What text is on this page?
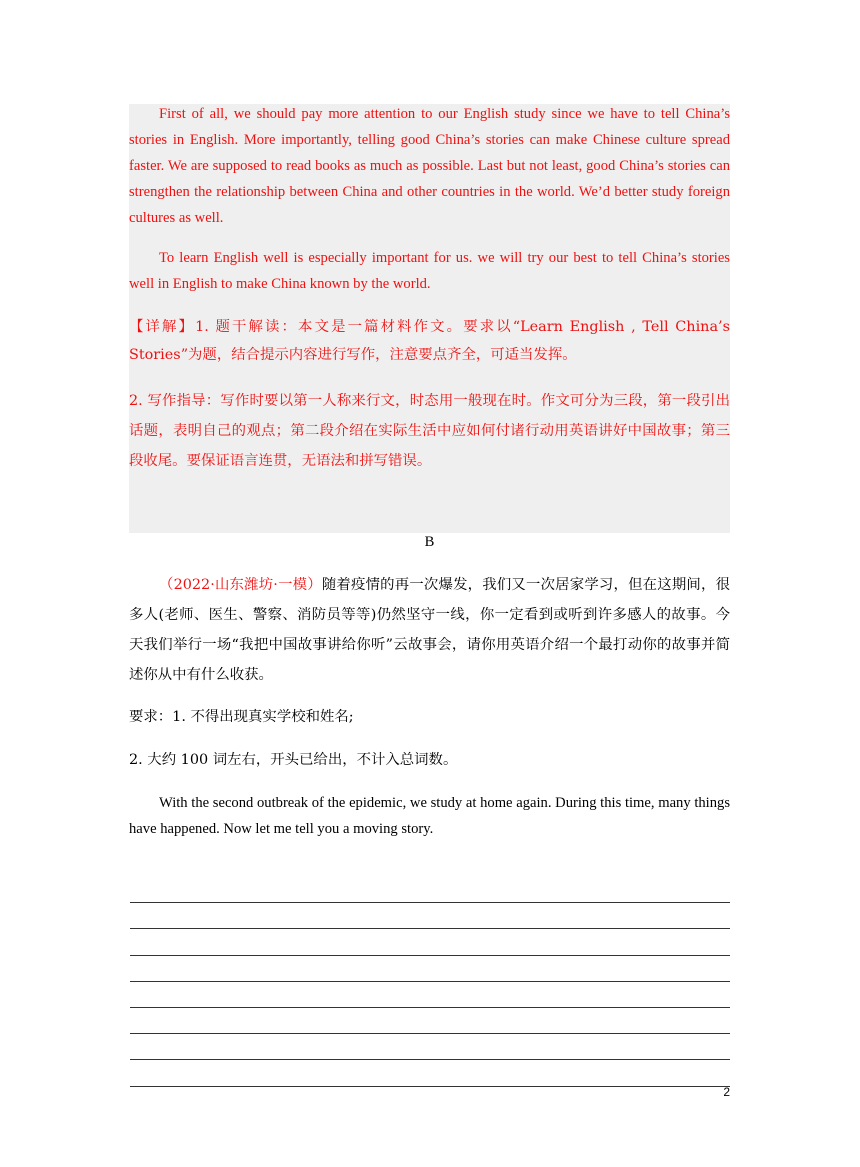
First of all, we should pay more attention to our English study since we have to tell China’s stories in English. More importantly, telling good China’s stories can make Chinese culture spread faster. We are supposed to read books as much as possible. Last but not least, good China’s stories can strengthen the relationship between China and other countries in the world. We’d better study foreign cultures as well.
To learn English well is especially important for us. we will try our best to tell China’s stories well in English to make China known by the world.
【详解】1. 题干解读：本文是一篇材料作文。要求以“Learn English , Tell China’s Stories”为题，结合提示内容进行写作，注意要点齐全，可适当发挥。
2. 写作指导：写作时要以第一人称来行文，时态用一般现在时。作文可分为三段，第一段引出话题，表明自己的观点；第二段介绍在实际生活中应如何付诸行动用英语讲好中国故事；第三段收尾。要保证语言连贯，无语法和拼写错误。
B
（2022·山东潍坊·一模）随着疫情的再一次爆发，我们又一次居家学习，但在这期间，很多人(老师、医生、警察、消防员等等)仍然坚守一线，你一定看到或听到许多感人的故事。今天我们举行一场“我把中国故事讲给你听”云故事会，请你用英语介绍一个最打动你的故事并简述你从中有什么收获。
要求：1. 不得出现真实学校和姓名;
2. 大约 100 词左右，开头已给出，不计入总词数。
With the second outbreak of the epidemic, we study at home again. During this time, many things have happened. Now let me tell you a moving story.
2
